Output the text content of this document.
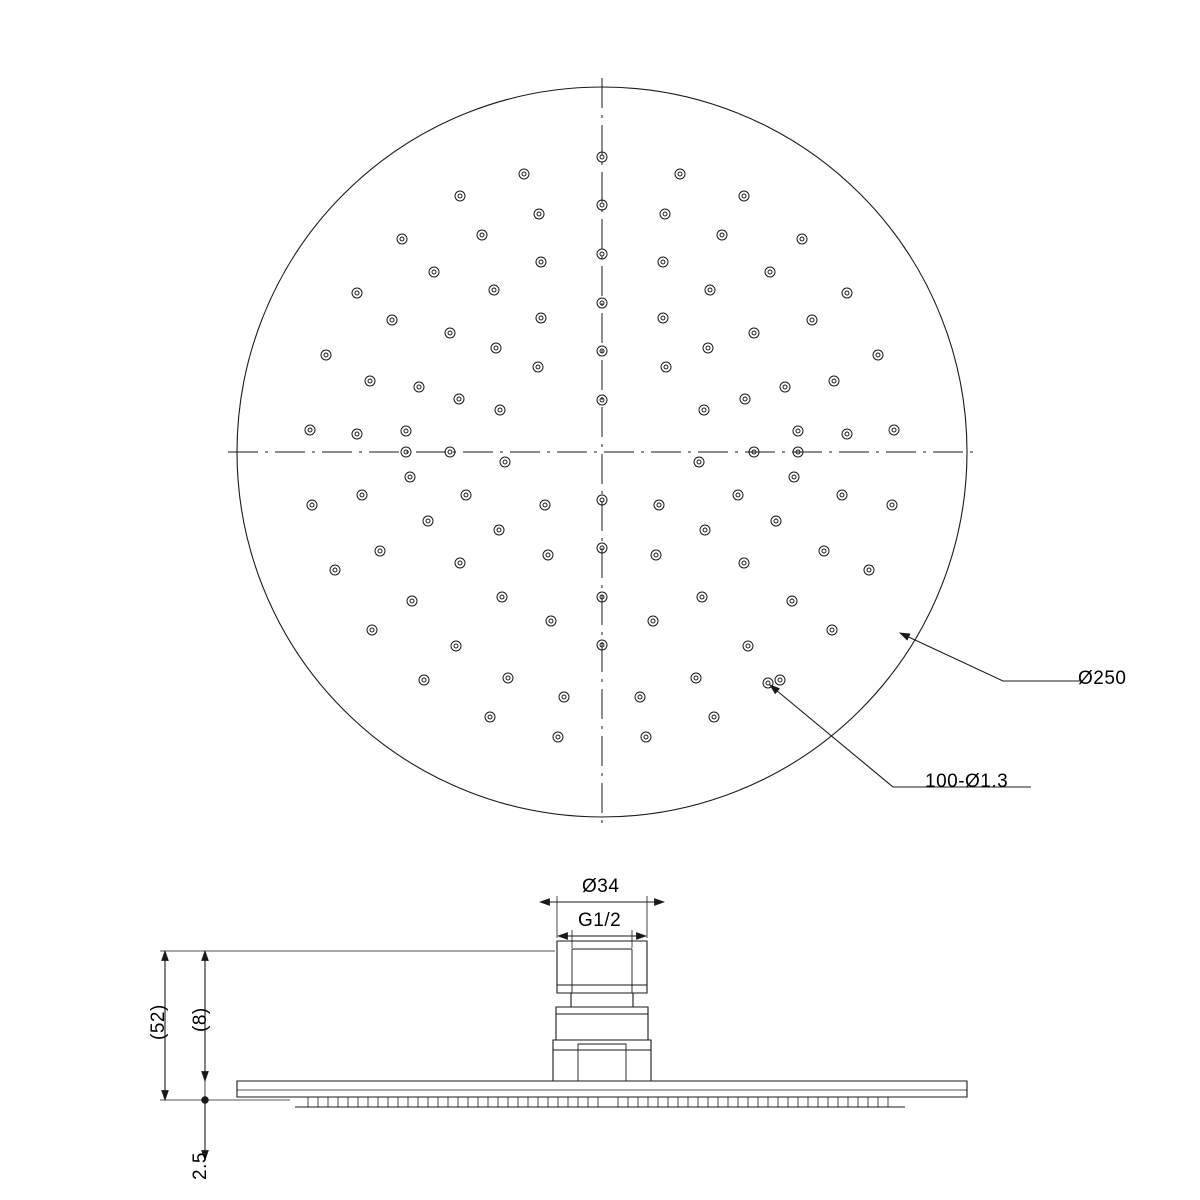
Ø250
100-Ø1.3
Ø34
G1/2
(52) (8)
2.5
